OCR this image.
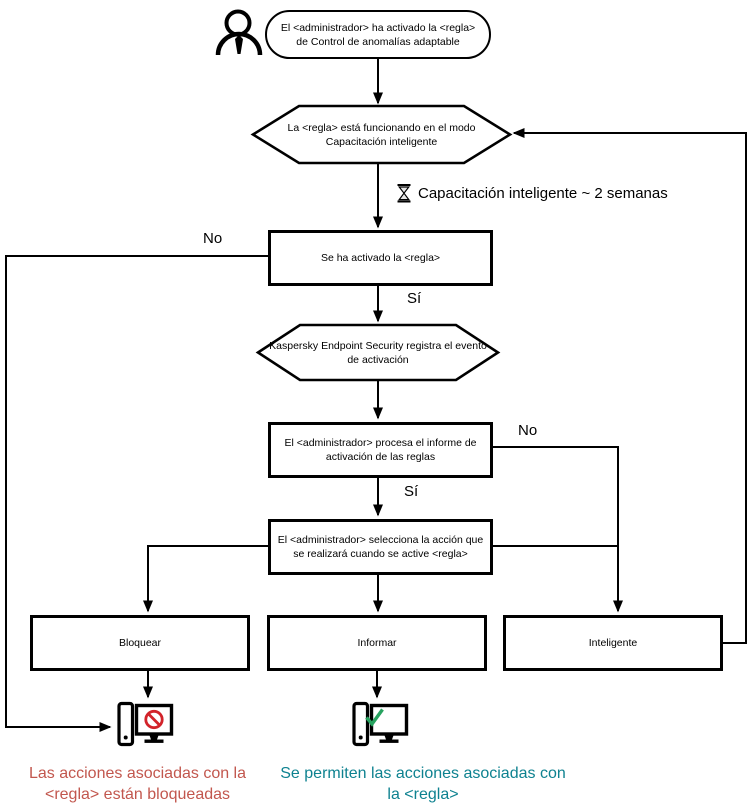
El <administrador> ha activado la <regla>
de Control de anomalías adaptable
La <regla> está funcionando en el modo
Capacitación inteligente
Kaspersky Endpoint Security registra el evento
de activación
Capacitación inteligente ~ 2 semanas
Se ha activado la <regla>
El <administrador> procesa el informe de
activación de las reglas
El <administrador> selecciona la acción que
se realizará cuando se active <regla>
Bloquear	Informar	Inteligente
No
Sí
No
Sí
Las acciones asociadas con la
<regla> están bloqueadas
Se permiten las acciones asociadas con
la <regla>
